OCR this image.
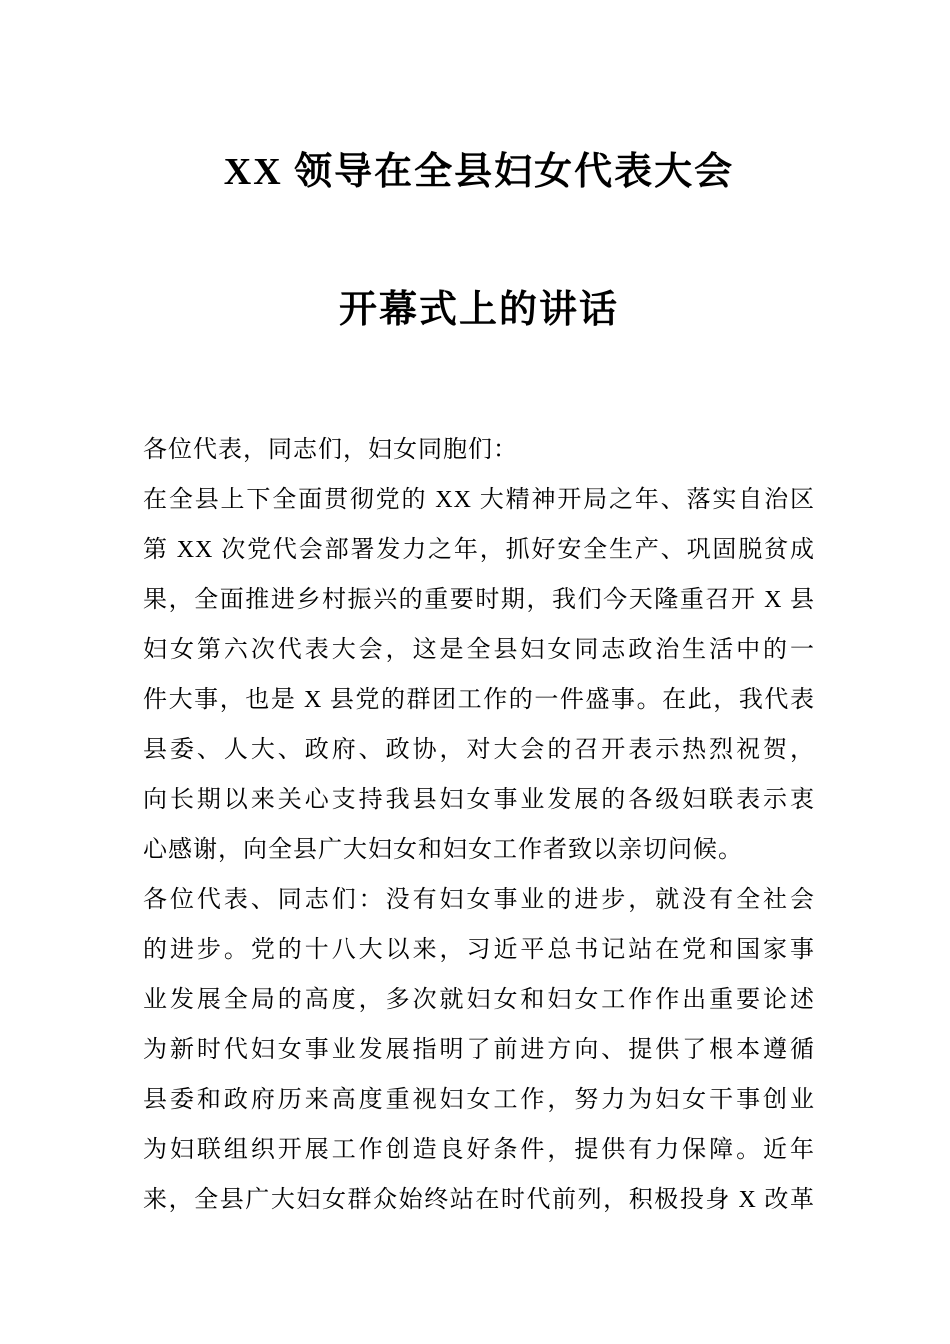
XX 领导在全县妇女代表大会
开幕式上的讲话
各位代表，同志们，妇女同胞们：
在全县上下全面贯彻党的 XX 大精神开局之年、落实自治区
第 XX 次党代会部署发力之年，抓好安全生产、巩固脱贫成
果，全面推进乡村振兴的重要时期，我们今天隆重召开 X 县
妇女第六次代表大会，这是全县妇女同志政治生活中的一
件大事，也是 X 县党的群团工作的一件盛事。在此，我代表
县委、人大、政府、政协，对大会的召开表示热烈祝贺，
向长期以来关心支持我县妇女事业发展的各级妇联表示衷
心感谢，向全县广大妇女和妇女工作者致以亲切问候。
各位代表、同志们：没有妇女事业的进步，就没有全社会
的进步。党的十八大以来，习近平总书记站在党和国家事
业发展全局的高度，多次就妇女和妇女工作作出重要论述
为新时代妇女事业发展指明了前进方向、提供了根本遵循
县委和政府历来高度重视妇女工作，努力为妇女干事创业
为妇联组织开展工作创造良好条件，提供有力保障。近年
来，全县广大妇女群众始终站在时代前列，积极投身 X 改革
